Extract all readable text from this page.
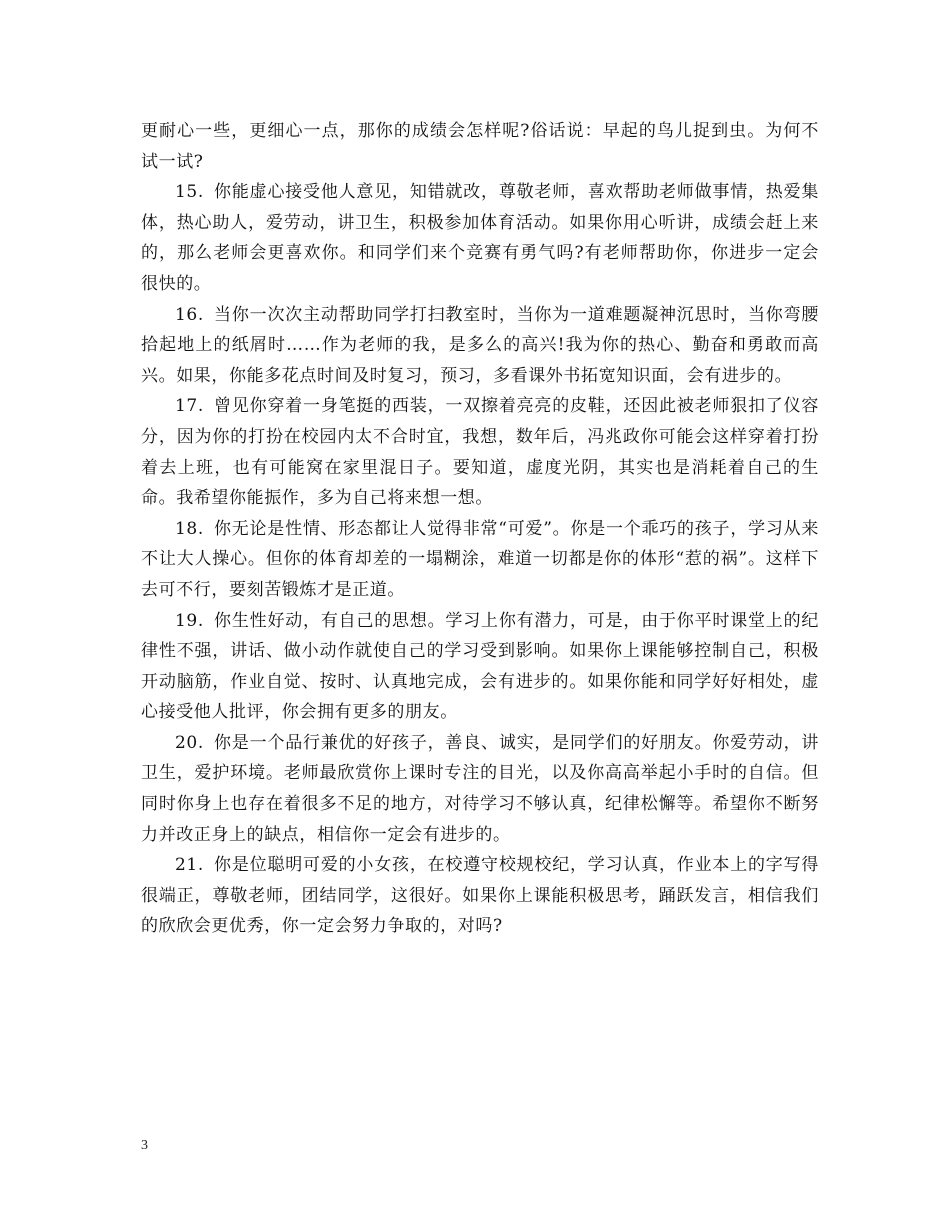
更耐心一些，更细心一点，那你的成绩会怎样呢?俗话说：早起的鸟儿捉到虫。为何不试一试?

15. 你能虚心接受他人意见，知错就改，尊敬老师，喜欢帮助老师做事情，热爱集体，热心助人，爱劳动，讲卫生，积极参加体育活动。如果你用心听讲，成绩会赶上来的，那么老师会更喜欢你。和同学们来个竞赛有勇气吗?有老师帮助你，你进步一定会很快的。

16. 当你一次次主动帮助同学打扫教室时，当你为一道难题凝神沉思时，当你弯腰拾起地上的纸屑时……作为老师的我，是多么的高兴!我为你的热心、勤奋和勇敢而高兴。如果，你能多花点时间及时复习，预习，多看课外书拓宽知识面，会有进步的。

17. 曾见你穿着一身笔挺的西装，一双擦着亮亮的皮鞋，还因此被老师狠扣了仪容分，因为你的打扮在校园内太不合时宜，我想，数年后，冯兆政你可能会这样穿着打扮着去上班，也有可能窝在家里混日子。要知道，虚度光阴，其实也是消耗着自己的生命。我希望你能振作，多为自己将来想一想。

18. 你无论是性情、形态都让人觉得非常“可爱”。你是一个乖巧的孩子，学习从来不让大人操心。但你的体育却差的一塌糊涂，难道一切都是你的体形“惹的祸”。这样下去可不行，要刻苦锻炼才是正道。

19. 你生性好动，有自己的思想。学习上你有潜力，可是，由于你平时课堂上的纪律性不强，讲话、做小动作就使自己的学习受到影响。如果你上课能够控制自己，积极开动脑筋，作业自觉、按时、认真地完成，会有进步的。如果你能和同学好好相处，虚心接受他人批评，你会拥有更多的朋友。

20. 你是一个品行兼优的好孩子，善良、诚实，是同学们的好朋友。你爱劳动，讲卫生，爱护环境。老师最欣赏你上课时专注的目光，以及你高高举起小手时的自信。但同时你身上也存在着很多不足的地方，对待学习不够认真，纪律松懈等。希望你不断努力并改正身上的缺点，相信你一定会有进步的。

21. 你是位聪明可爱的小女孩，在校遵守校规校纪，学习认真，作业本上的字写得很端正，尊敬老师，团结同学，这很好。如果你上课能积极思考，踊跃发言，相信我们的欣欣会更优秀，你一定会努力争取的，对吗?

3
